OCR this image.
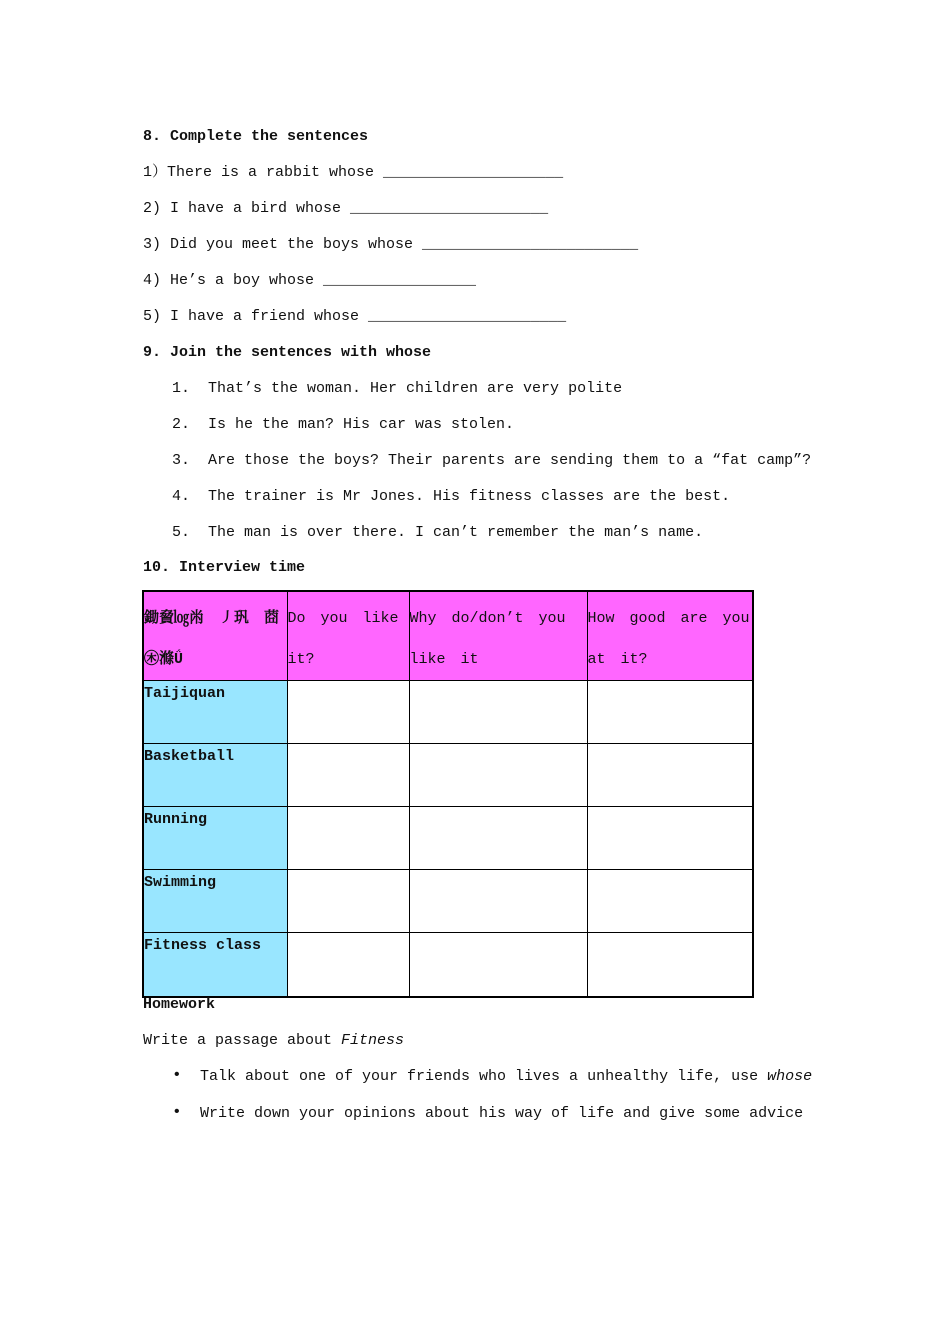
8. Complete the sentences
1）There is a rabbit whose ____________________
2) I have a bird whose ______________________
3) Did you meet the boys whose ________________________
4) He’s a boy whose _________________
5) I have a friend whose ______________________
9. Join the sentences with whose
1.  That’s the woman. Her children are very polite
2.  Is he the man? His car was stolen.
3.  Are those the boys? Their parents are sending them to a “fat camp”?
4.  The trainer is Mr Jones. His fitness classes are the best.
5.  The man is over there. I can’t remember the man’s name.
10. Interview time
鋤䝱㏒㡀 ㇓㺬 莔㊍滌Ǘ	Do you like it?	Why do/don’t you like it	How good are you at it?

Taijiquan			

Basketball			

Running			

Swimming			

Fitness class			

Homework
Write a passage about Fitness
• Talk about one of your friends who lives a unhealthy life, use whose
• Write down your opinions about his way of life and give some advice
